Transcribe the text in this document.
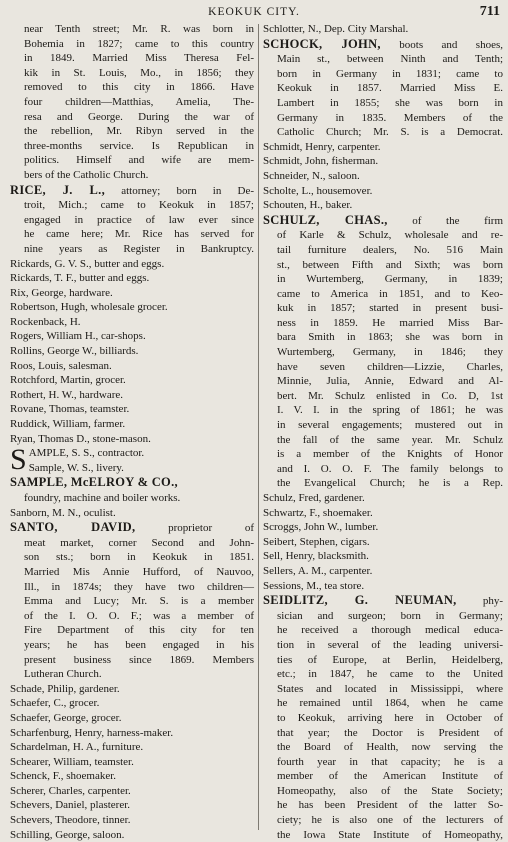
KEOKUK CITY.	711
near Tenth street; Mr. R. was born in
Bohemia in 1827; came to this country
in 1849. Married Miss Theresa Fel-
kik in St. Louis, Mo., in 1856; they
removed to this city in 1866. Have
four children—Matthias, Amelia, The-
resa and George. During the war of
the rebellion, Mr. Ribyn served in the
three-months service. Is Republican in
politics. Himself and wife are mem-
bers of the Catholic Church.
RICE, J. L., attorney; born in De-
troit, Mich.; came to Keokuk in 1857;
engaged in practice of law ever since
he came here; Mr. Rice has served for
nine years as Register in Bankruptcy.
Rickards, G. V. S., butter and eggs.
Rickards, T. F., butter and eggs.
Rix, George, hardware.
Robertson, Hugh, wholesale grocer.
Rockenback, H.
Rogers, William H., car-shops.
Rollins, George W., billiards.
Roos, Louis, salesman.
Rotchford, Martin, grocer.
Rothert, H. W., hardware.
Rovane, Thomas, teamster.
Ruddick, William, farmer.
Ryan, Thomas D., stone-mason.
SAMPLE, S. S., contractor.
Sample, W. S., livery.
SAMPLE, McELROY & CO.,
foundry, machine and boiler works.
Sanborn, M. N., oculist.
SANTO, DAVID,	proprietor of
meat market, corner Second and John-
son sts.; born in Keokuk in 1851.
Married Mis Annie Hufford, of Nauvoo,
Ill., in 1874s; they have two children—
Emma and Lucy; Mr. S. is a member
of the I. O. O. F.; was a member of
Fire Department of this city for ten
years; he has been engaged in his
present business since 1869. Members
Lutheran Church.
Schade, Philip, gardener.
Schaefer, C., grocer.
Schaefer, George, grocer.
Scharfenburg, Henry, harness-maker.
Schardelman, H. A., furniture.
Schearer, William, teamster.
Schenck, F., shoemaker.
Scherer, Charles, carpenter.
Schevers, Daniel, plasterer.
Schevers, Theodore, tinner.
Schilling, George, saloon.
Schlotter, N., Dep. City Marshal.
SCHOCK, JOHN, boots and shoes,
Main st., between Ninth and Tenth;
born in Germany in 1831; came to
Keokuk in 1857. Married Miss E.
Lambert in 1855; she was born in
Germany in 1835. Members of the
Catholic Church; Mr. S. is a Democrat.
Schmidt, Henry, carpenter.
Schmidt, John, fisherman.
Schneider, N., saloon.
Scholte, L., housemover.
Schouten, H., baker.
SCHULZ, CHAS., of the firm
of Karle & Schulz, wholesale and re-
tail furniture dealers, No. 516 Main
st., between Fifth and Sixth; was born
in Wurtemberg, Germany, in 1839;
came to America in 1851, and to Keo-
kuk in 1857; started in present busi-
ness in 1859. He married Miss Bar-
bara Smith in 1863; she was born in
Wurtemberg, Germany, in 1846; they
have seven children—Lizzie, Charles,
Minnie, Julia, Annie, Edward and Al-
bert. Mr. Schulz enlisted in Co. D, 1st
I. V. I. in the spring of 1861; he was
in several engagements; mustered out in
the fall of the same year. Mr. Schulz
is a member of the Knights of Honor
and I. O. O. F. The family belongs to
the Evangelical Church; he is a Rep.
Schulz, Fred, gardener.
Schwartz, F., shoemaker.
Scroggs, John W., lumber.
Seibert, Stephen, cigars.
Sell, Henry, blacksmith.
Sellers, A. M., carpenter.
Sessions, M., tea store.
SEIDLITZ, G. NEUMAN, phy-
sician and surgeon; born in Germany;
he received a thorough medical educa-
tion in several of the leading universi-
ties of Europe, at Berlin, Heidelberg,
etc.; in 1847, he came to the United
States and located in Mississippi, where
he remained until 1864, when he came
to Keokuk, arriving here in October of
that year; the Doctor is President of
the Board of Health, now serving the
fourth year in that capacity; he is a
member of the American Institute of
Homeopathy, also of the State Society;
he has been President of the latter So-
ciety; he is also one of the lecturers of
the Iowa State Institute of Homeopathy,
